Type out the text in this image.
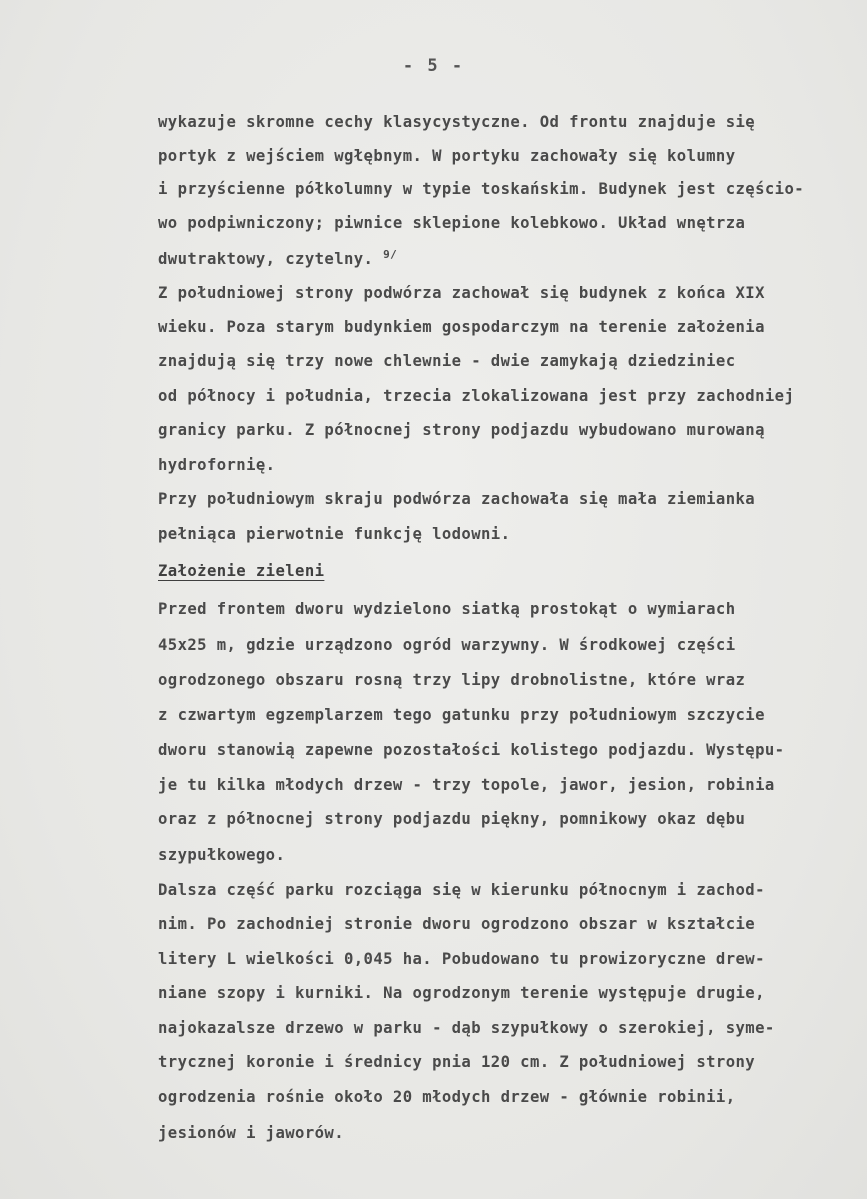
- 5 -
wykazuje skromne cechy klasycystyczne. Od frontu znajduje się
portyk z wejściem wgłębnym. W portyku zachowały się kolumny
i przyścienne półkolumny w typie toskańskim. Budynek jest częścio-
wo podpiwniczony; piwnice sklepione kolebkowo. Układ wnętrza
dwutraktowy, czytelny. $^{9/}$
Z południowej strony podwórza zachował się budynek z końca XIX
wieku. Poza starym budynkiem gospodarczym na terenie założenia
znajdują się trzy nowe chlewnie - dwie zamykają dziedziniec
od północy i południa, trzecia zlokalizowana jest przy zachodniej
granicy parku. Z północnej strony podjazdu wybudowano murowaną
hydrofornię.
Przy południowym skraju podwórza zachowała się mała ziemianka
pełniąca pierwotnie funkcję lodowni.
Założenie zieleni
Przed frontem dworu wydzielono siatką prostokąt o wymiarach
45x25 m, gdzie urządzono ogród warzywny. W środkowej części
ogrodzonego obszaru rosną trzy lipy drobnolistne, które wraz
z czwartym egzemplarzem tego gatunku przy południowym szczycie
dworu stanowią zapewne pozostałości kolistego podjazdu. Występu-
je tu kilka młodych drzew - trzy topole, jawor, jesion, robinia
oraz z północnej strony podjazdu piękny, pomnikowy okaz dębu
szypułkowego.
Dalsza część parku rozciąga się w kierunku północnym i zachod-
nim. Po zachodniej stronie dworu ogrodzono obszar w kształcie
litery L wielkości 0,045 ha. Pobudowano tu prowizoryczne drew-
niane szopy i kurniki. Na ogrodzonym terenie występuje drugie,
najokazalsze drzewo w parku - dąb szypułkowy o szerokiej, syme-
trycznej koronie i średnicy pnia 120 cm. Z południowej strony
ogrodzenia rośnie około 20 młodych drzew - głównie robinii,
jesionów i jaworów.
